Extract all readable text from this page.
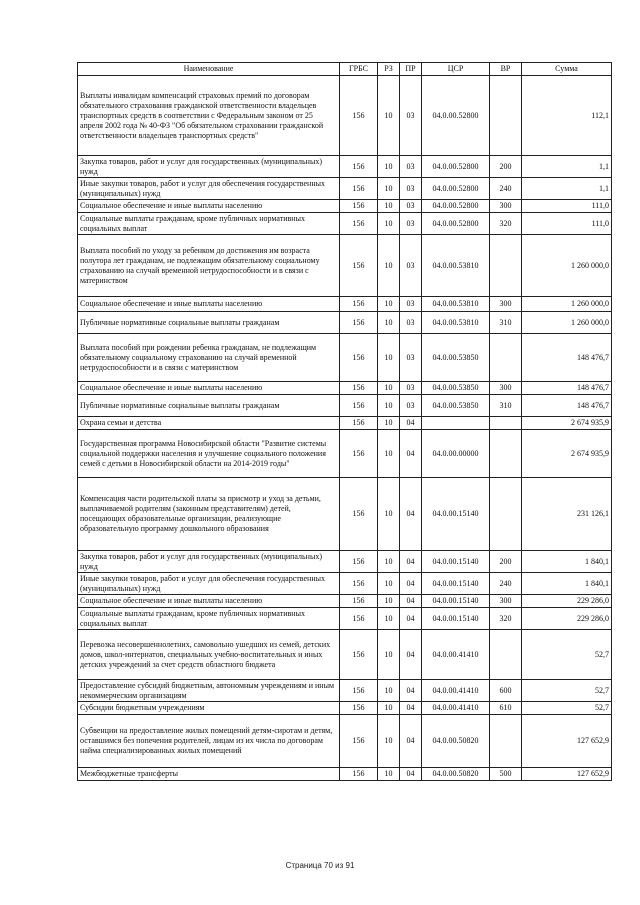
Наименование	ГРБС	РЗ	ПР	ЦСР	ВР	Сумма
Выплаты инвалидам компенсаций страховых премий по договорам обязательного страхования гражданской ответственности владельцев транспортных средств в соответствии с Федеральным законом от 25 апреля 2002 года № 40-ФЗ "Об обязательном страховании гражданской ответственности владельцев транспортных средств"	156	10	03	04.0.00.52800		112,1
Закупка товаров, работ и услуг для государственных (муниципальных) нужд	156	10	03	04.0.00.52800	200	1,1
Иные закупки товаров, работ и услуг для обеспечения государственных (муниципальных) нужд	156	10	03	04.0.00.52800	240	1,1
Социальное обеспечение и иные выплаты населению	156	10	03	04.0.00.52800	300	111,0
Социальные выплаты гражданам, кроме публичных нормативных социальных выплат	156	10	03	04.0.00.52800	320	111,0
Выплата пособий по уходу за ребенком до достижения им возраста полутора лет гражданам, не подлежащим обязательному социальному страхованию на случай временной нетрудоспособности и в связи с материнством	156	10	03	04.0.00.53810		1 260 000,0
Социальное обеспечение и иные выплаты населению	156	10	03	04.0.00.53810	300	1 260 000,0
Публичные нормативные социальные выплаты гражданам	156	10	03	04.0.00.53810	310	1 260 000,0
Выплата пособий при рождении ребенка гражданам, не подлежащим обязательному социальному страхованию на случай временной нетрудоспособности и в связи с материнством	156	10	03	04.0.00.53850		148 476,7
Социальное обеспечение и иные выплаты населению	156	10	03	04.0.00.53850	300	148 476,7
Публичные нормативные социальные выплаты гражданам	156	10	03	04.0.00.53850	310	148 476,7
Охрана семьи и детства	156	10	04			2 674 935,9
Государственная программа Новосибирской области "Развитие системы социальной поддержки населения и улучшение социального положения семей с детьми в Новосибирской области на 2014-2019 годы"	156	10	04	04.0.00.00000		2 674 935,9
Компенсация части родительской платы за присмотр и уход за детьми, выплачиваемой родителям (законным представителям) детей, посещающих образовательные организации, реализующие образовательную программу дошкольного образования	156	10	04	04.0.00.15140		231 126,1
Закупка товаров, работ и услуг для государственных (муниципальных) нужд	156	10	04	04.0.00.15140	200	1 840,1
Иные закупки товаров, работ и услуг для обеспечения государственных (муниципальных) нужд	156	10	04	04.0.00.15140	240	1 840,1
Социальное обеспечение и иные выплаты населению	156	10	04	04.0.00.15140	300	229 286,0
Социальные выплаты гражданам, кроме публичных нормативных социальных выплат	156	10	04	04.0.00.15140	320	229 286,0
Перевозка несовершеннолетних, самовольно ушедших из семей, детских домов, школ-интернатов, специальных учебно-воспитательных и иных детских учреждений за счет средств областного бюджета	156	10	04	04.0.00.41410		52,7
Предоставление субсидий бюджетным, автономным учреждениям и иным некоммерческим организациям	156	10	04	04.0.00.41410	600	52,7
Субсидии бюджетным учреждениям	156	10	04	04.0.00.41410	610	52,7
Субвенции на предоставление жилых помещений детям-сиротам и детям, оставшимся без попечения родителей, лицам из их числа по договорам найма специализированных жилых помещений	156	10	04	04.0.00.50820		127 652,9
Межбюджетные трансферты	156	10	04	04.0.00.50820	500	127 652,9
Страница 70 из 91
